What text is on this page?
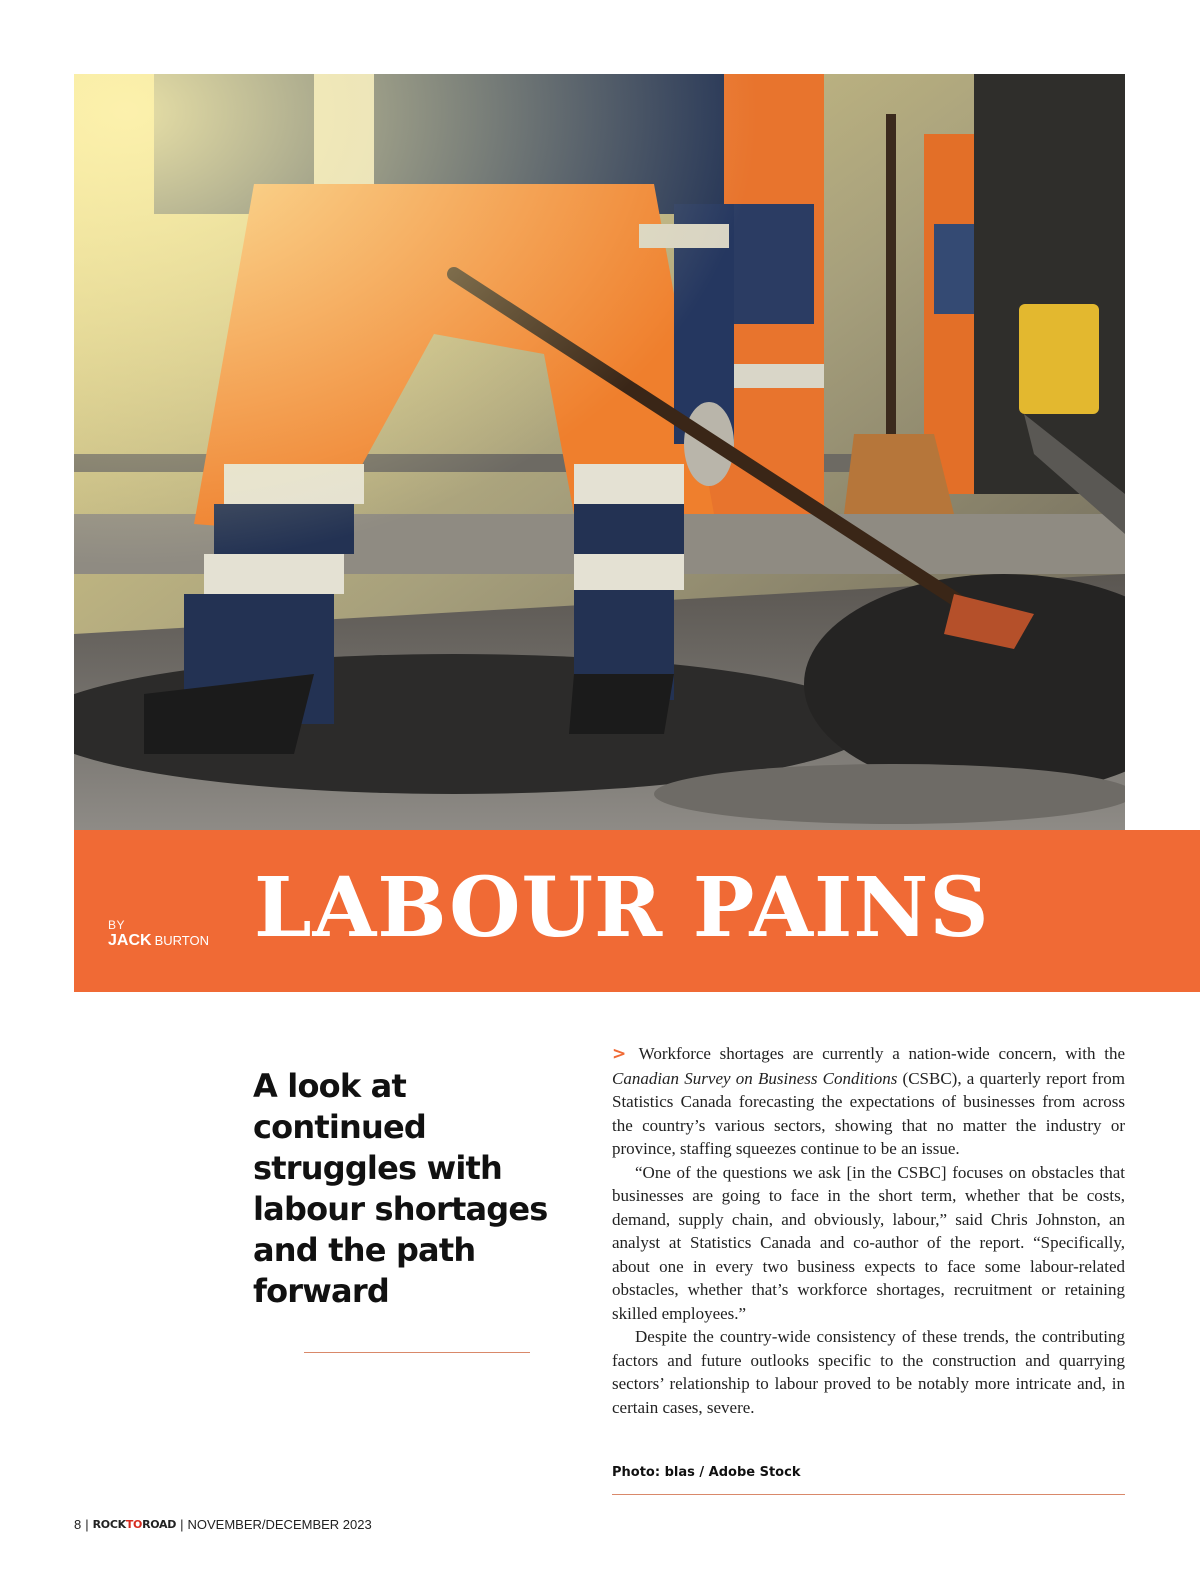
BY
JACK BURTON LABOUR PAINS

A look at continued struggles with labour shortages and the path forward

> Workforce shortages are currently a nation-wide concern, with the Canadian Survey on Business Conditions (CSBC), a quarterly report from Statistics Canada forecasting the expectations of businesses from across the country’s various sectors, showing that no matter the industry or province, staffing squeezes continue to be an issue.

“One of the questions we ask [in the CSBC] focuses on obstacles that businesses are going to face in the short term, whether that be costs, demand, supply chain, and obviously, labour,” said Chris Johnston, an analyst at Statistics Canada and co-author of the report. “Specifically, about one in every two business expects to face some labour-related obstacles, whether that’s workforce shortages, recruitment or retaining skilled employees.”

Despite the country-wide consistency of these trends, the contributing factors and future outlooks specific to the construction and quarrying sectors’ relationship to labour proved to be notably more intricate and, in certain cases, severe.

Photo: blas / Adobe Stock
8 | ROCKTOROAD | NOVEMBER/DECEMBER 2023
